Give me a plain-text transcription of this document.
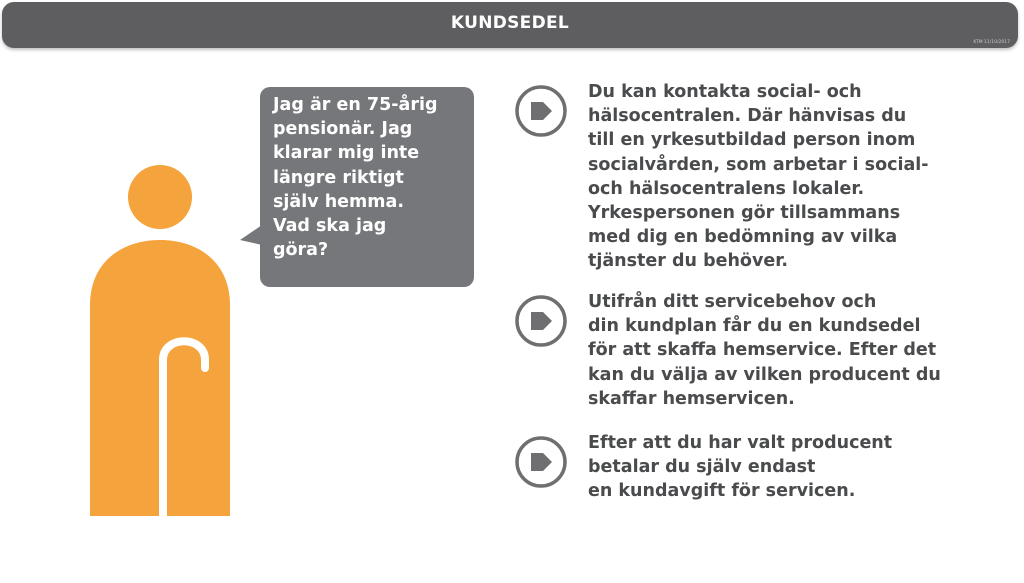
KUNDSEDEL
KTM 11/10/2017
Jag är en 75-årig
pensionär. Jag
klarar mig inte
längre riktigt
själv hemma.
Vad ska jag
göra?
Du kan kontakta social- och
hälsocentralen. Där hänvisas du
till en yrkesutbildad person inom
socialvården, som arbetar i social-
och hälsocentralens lokaler.
Yrkespersonen gör tillsammans
med dig en bedömning av vilka
tjänster du behöver.
Utifrån ditt servicebehov och
din kundplan får du en kundsedel
för att skaffa hemservice. Efter det
kan du välja av vilken producent du
skaffar hemservicen.
Efter att du har valt producent
betalar du själv endast
en kundavgift för servicen.
